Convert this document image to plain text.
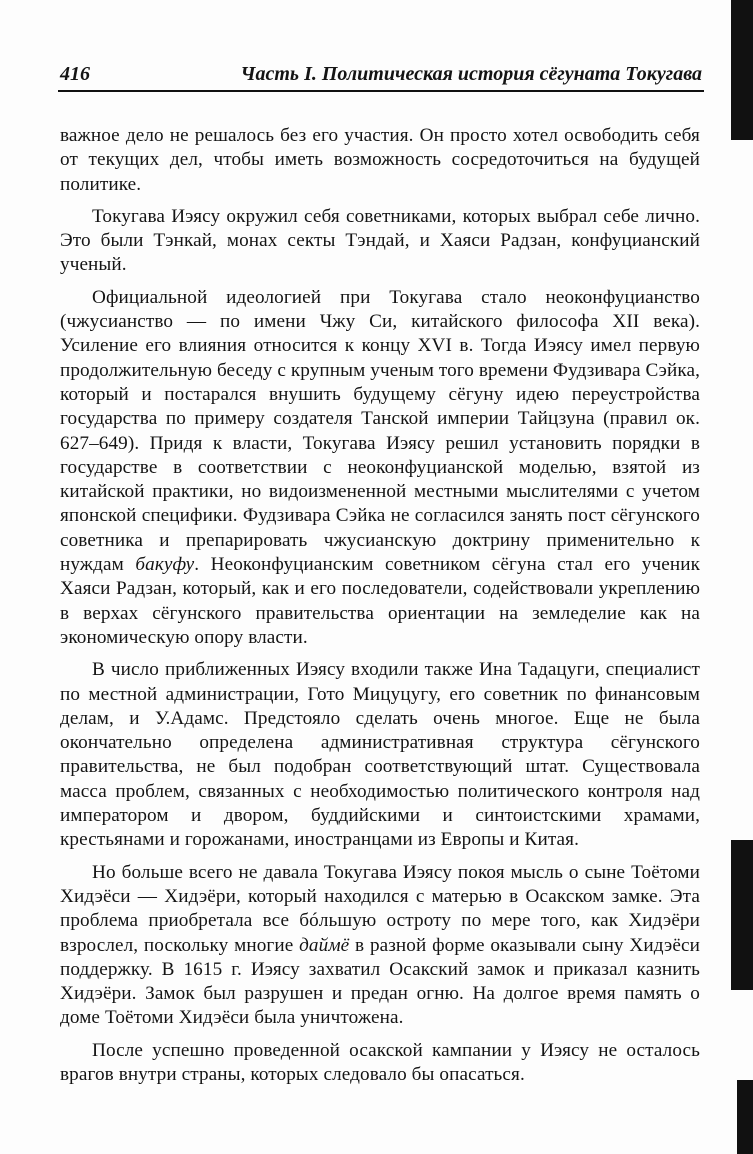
416	Часть I. Политическая история сёгуната Токугава

важное дело не решалось без его участия. Он просто хотел освободить себя от текущих дел, чтобы иметь возможность сосредоточиться на будущей политике.

Токугава Иэясу окружил себя советниками, которых выбрал себе лично. Это были Тэнкай, монах секты Тэндай, и Хаяси Радзан, конфуцианский ученый.

Официальной идеологией при Токугава стало неоконфуцианство (чжусианство — по имени Чжу Си, китайского философа XII века). Усиление его влияния относится к концу XVI в. Тогда Иэясу имел первую продолжительную беседу с крупным ученым того времени Фудзивара Сэйка, который и постарался внушить будущему сёгуну идею переустройства государства по примеру создателя Танской империи Тайцзуна (правил ок. 627–649). Придя к власти, Токугава Иэясу решил установить порядки в государстве в соответствии с неоконфуцианской моделью, взятой из китайской практики, но видоизмененной местными мыслителями с учетом японской специфики. Фудзивара Сэйка не согласился занять пост сёгунского советника и препарировать чжусианскую доктрину применительно к нуждам бакуфу. Неоконфуцианским советником сёгуна стал его ученик Хаяси Радзан, который, как и его последователи, содействовали укреплению в верхах сёгунского правительства ориентации на земледелие как на экономическую опору власти.

В число приближенных Иэясу входили также Ина Тадацуги, специалист по местной администрации, Гото Мицуцугу, его советник по финансовым делам, и У.Адамс. Предстояло сделать очень многое. Еще не была окончательно определена административная структура сёгунского правительства, не был подобран соответствующий штат. Существовала масса проблем, связанных с необходимостью политического контроля над императором и двором, буддийскими и синтоистскими храмами, крестьянами и горожанами, иностранцами из Европы и Китая.

Но больше всего не давала Токугава Иэясу покоя мысль о сыне Тоётоми Хидэёси — Хидэёри, который находился с матерью в Осакском замке. Эта проблема приобретала все бóльшую остроту по мере того, как Хидэёри взрослел, поскольку многие даймё в разной форме оказывали сыну Хидэёси поддержку. В 1615 г. Иэясу захватил Осакский замок и приказал казнить Хидэёри. Замок был разрушен и предан огню. На долгое время память о доме Тоётоми Хидэёси была уничтожена.

После успешно проведенной осакской кампании у Иэясу не осталось врагов внутри страны, которых следовало бы опасаться.
